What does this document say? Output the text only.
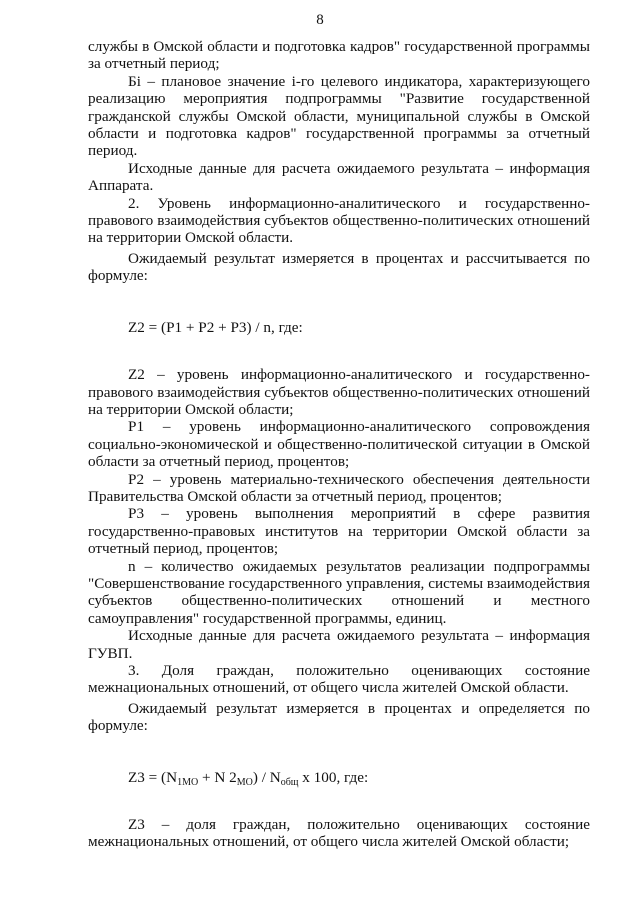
8

службы в Омской области и подготовка кадров" государственной программы за отчетный период;

Бi – плановое значение i-го целевого индикатора, характеризующего реализацию мероприятия подпрограммы "Развитие государственной гражданской службы Омской области, муниципальной службы в Омской области и подготовка кадров" государственной программы за отчетный период.

Исходные данные для расчета ожидаемого результата – информация Аппарата.

2. Уровень информационно-аналитического и государственно-правового взаимодействия субъектов общественно-политических отношений на территории Омской области.

Ожидаемый результат измеряется в процентах и рассчитывается по формуле:

Z2 = (P1 + P2 + P3) / n, где:

Z2 – уровень информационно-аналитического и государственно-правового взаимодействия субъектов общественно-политических отношений на территории Омской области;

P1 – уровень информационно-аналитического сопровождения социально-экономической и общественно-политической ситуации в Омской области за отчетный период, процентов;

P2 – уровень материально-технического обеспечения деятельности Правительства Омской области за отчетный период, процентов;

P3 – уровень выполнения мероприятий в сфере развития государственно-правовых институтов на территории Омской области за отчетный период, процентов;

n – количество ожидаемых результатов реализации подпрограммы "Совершенствование государственного управления, системы взаимодействия субъектов общественно-политических отношений и местного самоуправления" государственной программы, единиц.

Исходные данные для расчета ожидаемого результата – информация ГУВП.

3. Доля граждан, положительно оценивающих состояние межнациональных отношений, от общего числа жителей Омской области.

Ожидаемый результат измеряется в процентах и определяется по формуле:

$Z3 = (N_{1МО} + N$ $2_{МО}) / N_{общ}$ х 100, где:

Z3 – доля граждан, положительно оценивающих состояние межнациональных отношений, от общего числа жителей Омской области;
